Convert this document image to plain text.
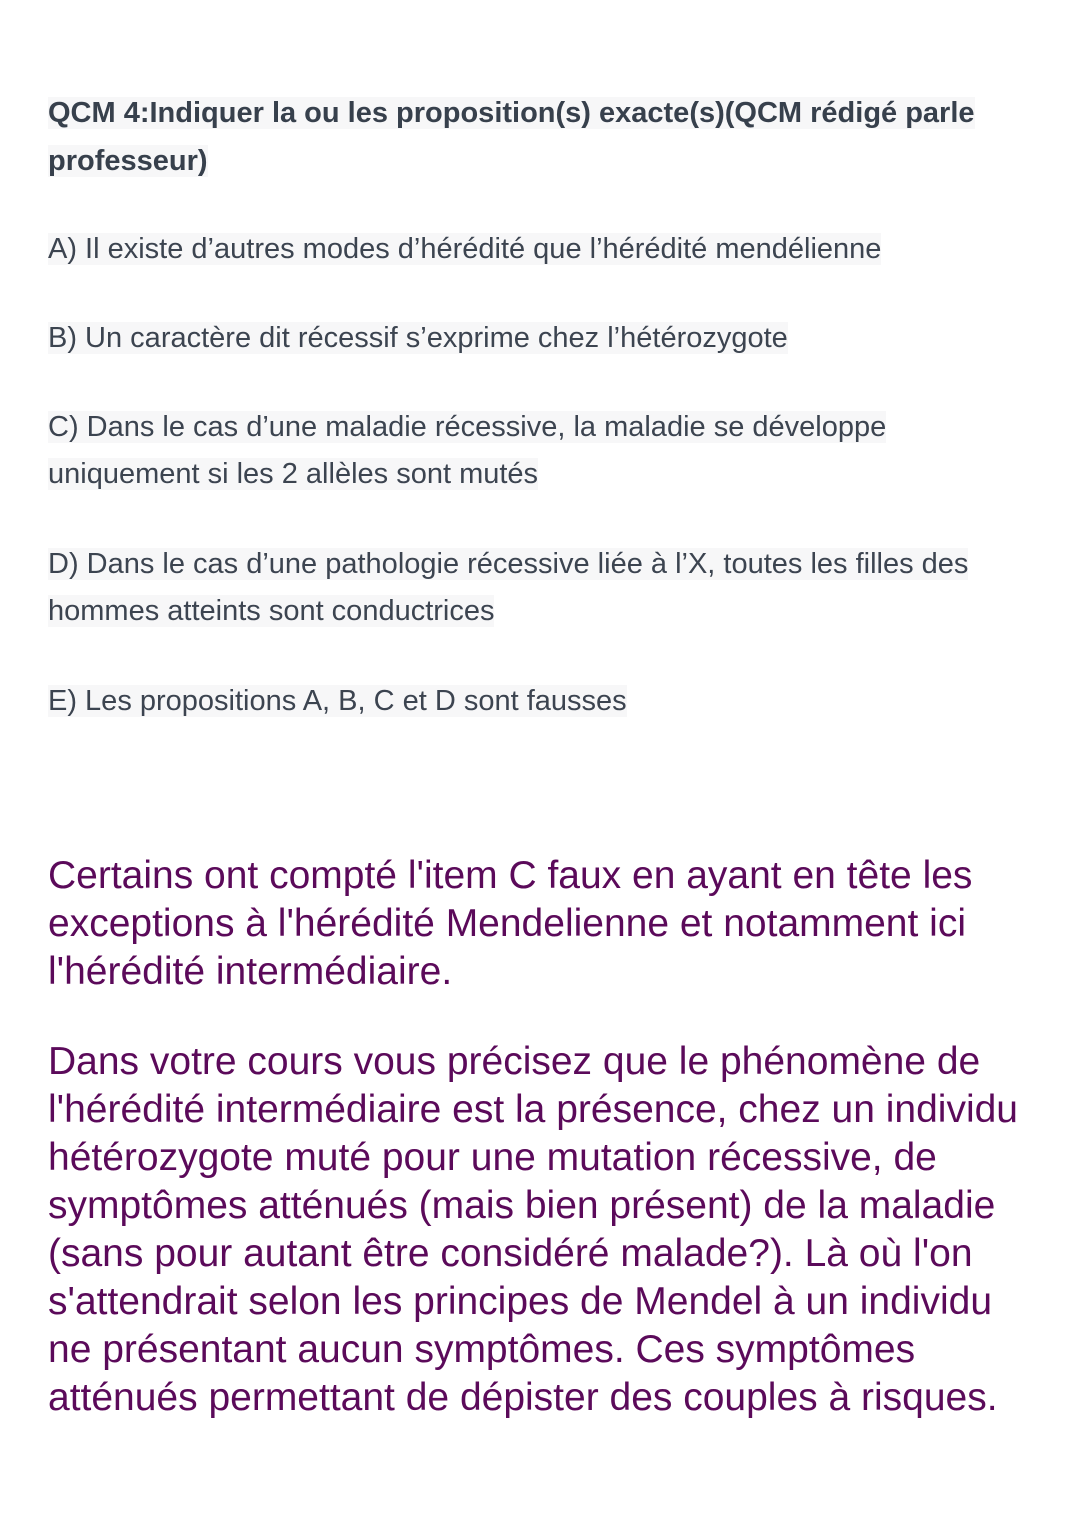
QCM 4:Indiquer la ou les proposition(s) exacte(s)(QCM rédigé parle professeur)

A) Il existe d’autres modes d’hérédité que l’hérédité mendélienne

B) Un caractère dit récessif s’exprime chez l’hétérozygote

C) Dans le cas d’une maladie récessive, la maladie se développe uniquement si les 2 allèles sont mutés

D) Dans le cas d’une pathologie récessive liée à l’X, toutes les filles des hommes atteints sont conductrices

E) Les propositions A, B, C et D sont fausses

Certains ont compté l'item C faux en ayant en tête les exceptions à l'hérédité Mendelienne et notamment ici l'hérédité intermédiaire.

Dans votre cours vous précisez que le phénomène de l'hérédité intermédiaire est la présence, chez un individu hétérozygote muté pour une mutation récessive, de symptômes atténués (mais bien présent) de la maladie (sans pour autant être considéré malade?). Là où l'on s'attendrait selon les principes de Mendel à un individu ne présentant aucun symptômes. Ces symptômes atténués permettant de dépister des couples à risques.
